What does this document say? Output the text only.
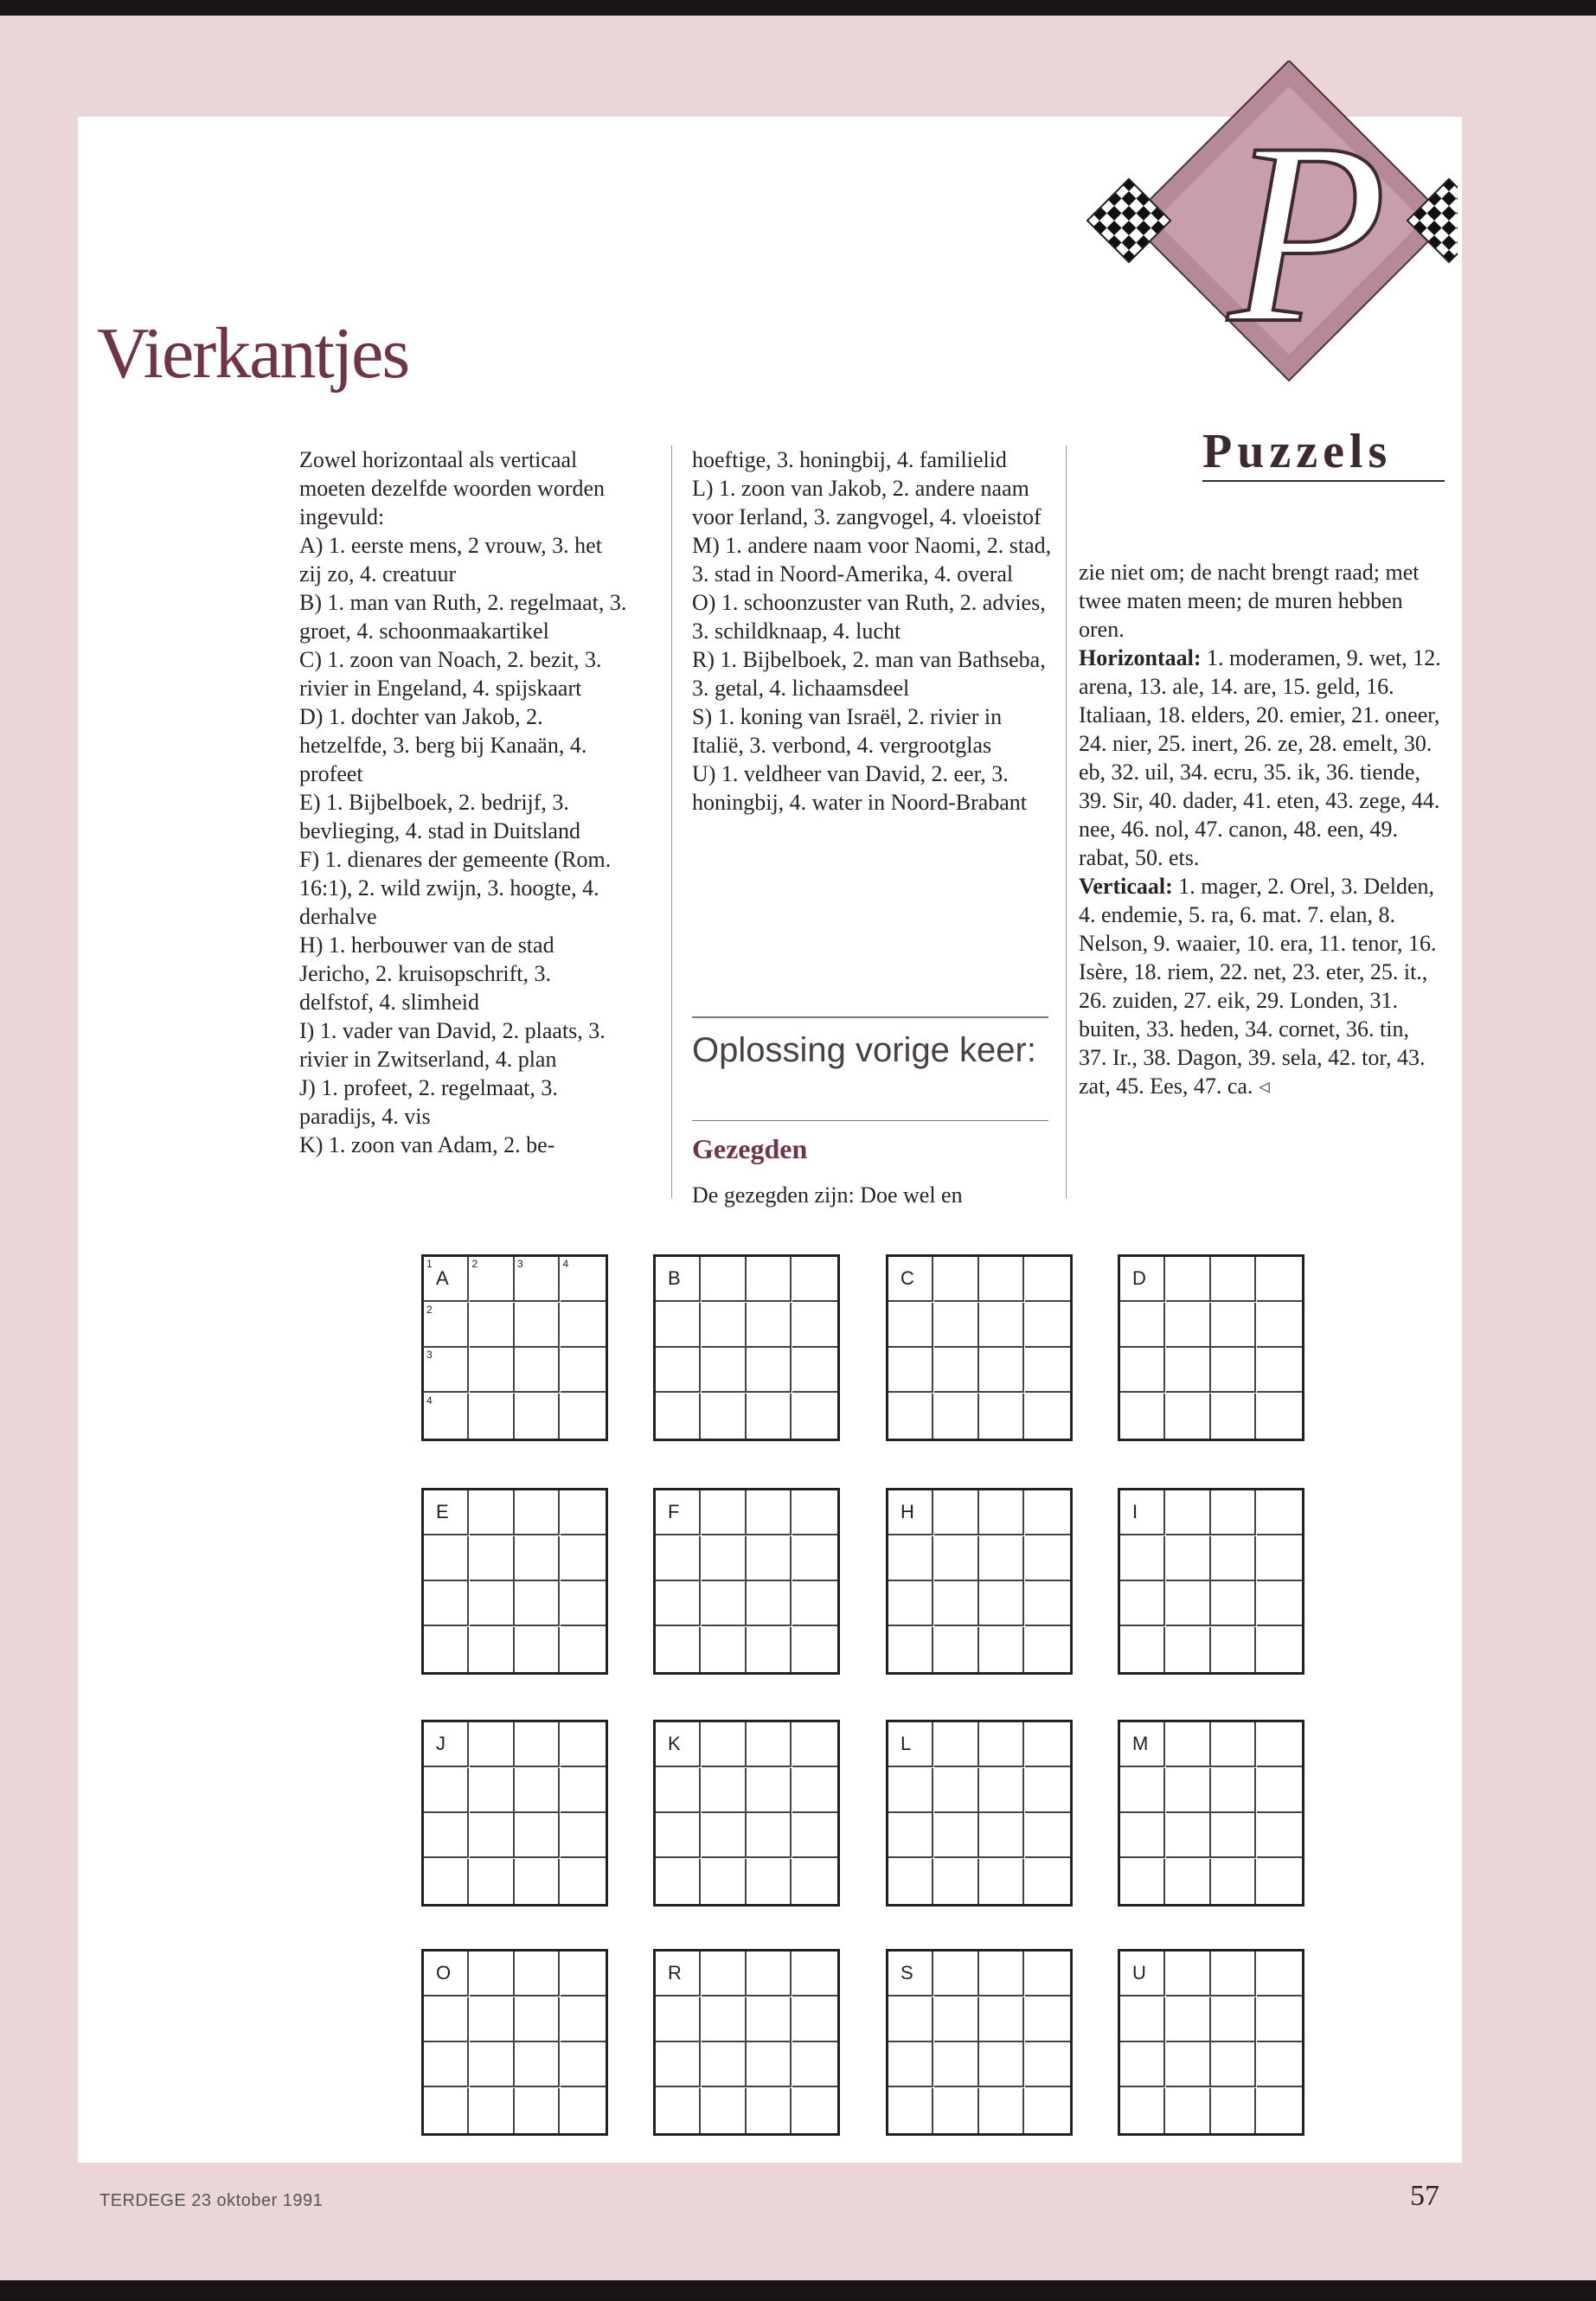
Vierkantjes	P
Puzzels

Zowel horizontaal als verticaal moeten dezelfde woorden worden ingevuld:

A) 1. eerste mens, 2 vrouw, 3. het zij zo, 4. creatuur

B) 1. man van Ruth, 2. regelmaat, 3. groet, 4. schoonmaakartikel

C) 1. zoon van Noach, 2. bezit, 3. rivier in Engeland, 4. spijskaart

D) 1. dochter van Jakob, 2. hetzelfde, 3. berg bij Kanaän, 4. profeet

E) 1. Bijbelboek, 2. bedrijf, 3. bevlieging, 4. stad in Duitsland

F) 1. dienares der gemeente (Rom. 16:1), 2. wild zwijn, 3. hoogte, 4. derhalve

H) 1. herbouwer van de stad Jericho, 2. kruisopschrift, 3. delfstof, 4. slimheid

I) 1. vader van David, 2. plaats, 3. rivier in Zwitserland, 4. plan

J) 1. profeet, 2. regelmaat, 3. paradijs, 4. vis

K) 1. zoon van Adam, 2. be-

hoeftige, 3. honingbij, 4. familielid

L) 1. zoon van Jakob, 2. andere naam voor Ierland, 3. zangvogel, 4. vloeistof

M) 1. andere naam voor Naomi, 2. stad, 3. stad in Noord-Amerika, 4. overal

O) 1. schoonzuster van Ruth, 2. advies, 3. schildknaap, 4. lucht

R) 1. Bijbelboek, 2. man van Bathseba, 3. getal, 4. lichaamsdeel

S) 1. koning van Israël, 2. rivier in Italië, 3. verbond, 4. vergrootglas

U) 1. veldheer van David, 2. eer, 3. honingbij, 4. water in Noord-Brabant

Oplossing vorige keer:
Gezegden
De gezegden zijn: Doe wel en

zie niet om; de nacht brengt raad; met twee maten meen; de muren hebben oren.

Horizontaal: 1. moderamen, 9. wet, 12. arena, 13. ale, 14. are, 15. geld, 16. Italiaan, 18. elders, 20. emier, 21. oneer, 24. nier, 25. inert, 26. ze, 28. emelt, 30. eb, 32. uil, 34. ecru, 35. ik, 36. tiende, 39. Sir, 40. dader, 41. eten, 43. zege, 44. nee, 46. nol, 47. canon, 48. een, 49. rabat, 50. ets.

Verticaal: 1. mager, 2. Orel, 3. Delden, 4. endemie, 5. ra, 6. mat. 7. elan, 8. Nelson, 9. waaier, 10. era, 11. tenor, 16. Isère, 18. riem, 22. net, 23. eter, 25. it., 26. zuiden, 27. eik, 29. Londen, 31. buiten, 33. heden, 34. cornet, 36. tin, 37. Ir., 38. Dagon, 39. sela, 42. tor, 43. zat, 45. Ees, 47. ca. ◃

A
1	2	3	4
2
3
4
B	C	D
E	F	H	I
J	K	L	M
O	R	S	U
TERDEGE 23 oktober 1991	57
